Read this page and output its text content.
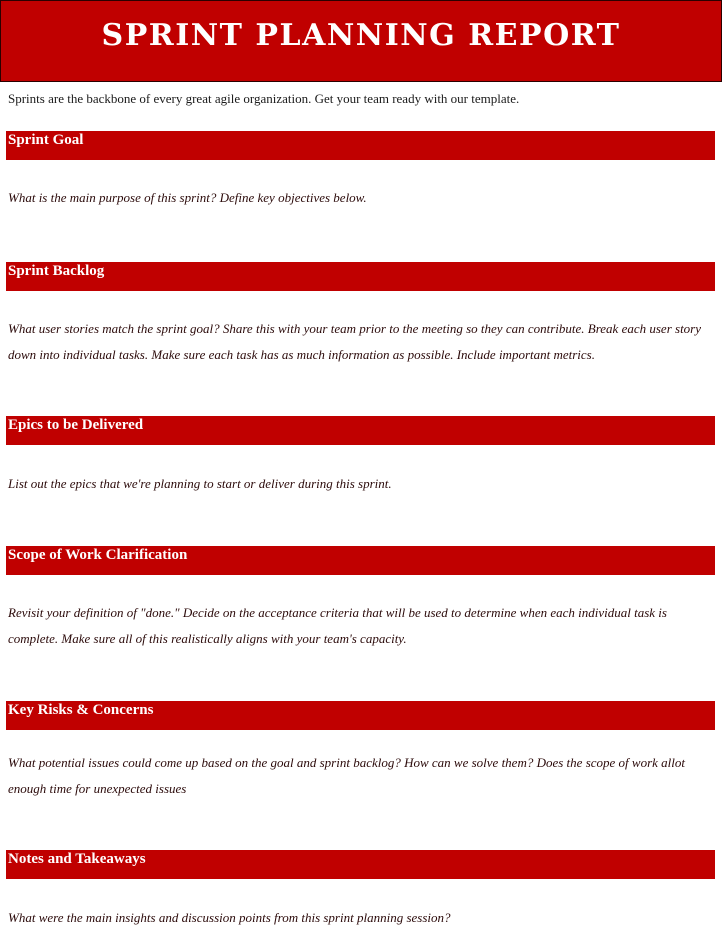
SPRINT PLANNING REPORT
Sprints are the backbone of every great agile organization. Get your team ready with our template.
Sprint Goal
What is the main purpose of this sprint? Define key objectives below.
Sprint Backlog
What user stories match the sprint goal? Share this with your team prior to the meeting so they can contribute. Break each user story down into individual tasks. Make sure each task has as much information as possible. Include important metrics.
Epics to be Delivered
List out the epics that we're planning to start or deliver during this sprint.
Scope of Work Clarification
Revisit your definition of "done." Decide on the acceptance criteria that will be used to determine when each individual task is complete. Make sure all of this realistically aligns with your team's capacity.
Key Risks & Concerns
What potential issues could come up based on the goal and sprint backlog? How can we solve them? Does the scope of work allot enough time for unexpected issues
Notes and Takeaways
What were the main insights and discussion points from this sprint planning session?
